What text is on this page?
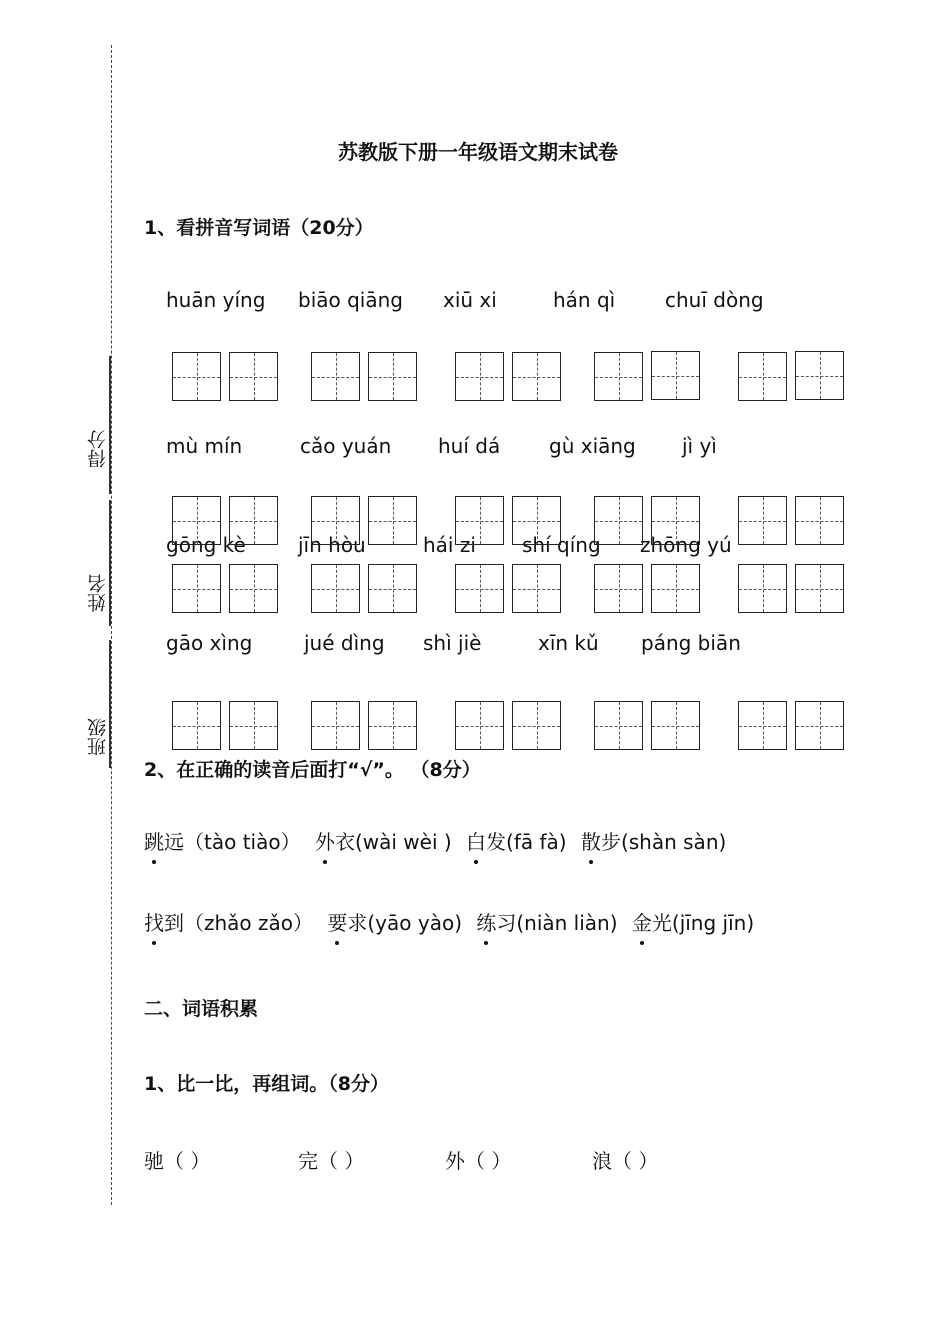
得分
姓名
班级
苏教版下册一年级语文期末试卷
1、看拼音写词语（20分）
huān yíng biāo qiāng xiū xi	hán qì chuī dòng
mù mín	cǎo yuán huí dá gù xiāng jì yì
gōng kè	jīn hòu	hái zi shí qíng zhōng yú
gāo xìng	jué dìng shì jiè	xīn kǔ páng biān
2、在正确的读音后面打“√”。 （8分）
跳远（tào tiào） 外衣(wài wèi ) 白发(fā fà) 散步(shàn sàn)
找到（zhǎo zǎo） 要求(yāo yào) 练习(niàn liàn) 金光(jīng jīn)
二、词语积累
1、比一比，再组词。（8分）
驰（ ）	完（ ）	外（ ）	浪（ ）
